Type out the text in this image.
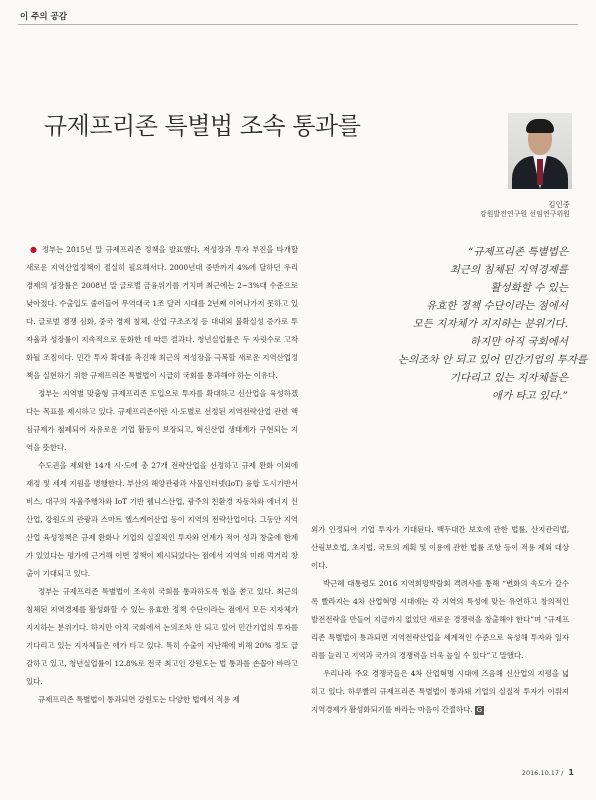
이 주의 공감
규제프리존 특별법 조속 통과를
김인중
강원발전연구원 선임연구위원

● 정부는 2015년 말 규제프리존 정책을 발표했다. 저성장과 투자 부진을 타개할 새로운 지역산업정책이 절실히 필요해서다. 2000년대 중반까지 4%에 달하던 우리 경제의 성장률은 2008년 말 글로벌 금융위기를 거치며 최근에는 2~3%대 수준으로 낮아졌다. 수출입도 줄어들어 무역대국 1조 달러 시대를 2년째 이어나가지 못하고 있다. 글로벌 경쟁 심화, 중국 경제 침체, 산업 구조조정 등 대내외 불확실성 증가로 투자율과 성장률이 지속적으로 둔화한 데 따른 결과다. 청년실업률은 두 자릿수로 고착화될 조짐이다. 민간 투자 확대를 촉진해 최근의 저성장을 극복할 새로운 지역산업정책을 실현하기 위한 규제프리존 특별법이 시급히 국회를 통과해야 하는 이유다.

정부는 지역별 맞춤형 규제프리존 도입으로 투자를 확대하고 신산업을 육성하겠다는 목표를 제시하고 있다. 규제프리존이란 시·도별로 선정된 지역전략산업 관련 핵심규제가 철폐되어 자유로운 기업 활동이 보장되고, 혁신산업 생태계가 구현되는 지역을 뜻한다.

수도권을 제외한 14개 시·도에 총 27개 전략산업을 선정하고 규제 완화 이외에 재정 및 세제 지원을 병행한다. 부산의 해양관광과 사물인터넷(IoT) 융합 도시기반서비스, 대구의 자율주행차와 IoT 기반 웰니스산업, 광주의 친환경 자동차와 에너지 신산업, 강원도의 관광과 스마트 헬스케어산업 등이 지역의 전략산업이다. 그동안 지역산업 육성정책은 규제 완화나 기업의 실질적인 투자와 연계가 적어 성과 창출에 한계가 있었다는 평가에 근거해 이번 정책이 제시되었다는 점에서 지역의 미래 먹거리 창출이 기대되고 있다.

정부는 규제프리존 특별법이 조속히 국회를 통과하도록 힘을 쏟고 있다. 최근의 침체된 지역경제를 활성화할 수 있는 유효한 정책 수단이라는 점에서 모든 지자체가 지지하는 분위기다. 하지만 아직 국회에서 논의조차 안 되고 있어 민간기업의 투자를 기다리고 있는 지자체들은 애가 타고 있다. 특히 수출이 지난해에 비해 20% 정도 급감하고 있고, 청년실업률이 12.8%로 전국 최고인 강원도는 법 통과를 손꼽아 바라고 있다.

규제프리존 특별법이 통과되면 강원도는 다양한 법에서 적용 제

“규제프리존 특별법은
최근의 침체된 지역경제를
활성화할 수 있는
유효한 정책 수단이라는 점에서
모든 지자체가 지지하는 분위기다.
하지만 아직 국회에서
논의조차 안 되고 있어 민간기업의 투자를
기다리고 있는 지자체들은
애가 타고 있다.”

외가 인정되어 기업 투자가 기대된다. 백두대간 보호에 관한 법률, 산지관리법, 산림보호법, 초지법, 국토의 계획 및 이용에 관한 법률 조항 등이 적용 제외 대상이다.

박근혜 대통령도 2016 지역희망박람회 격려사를 통해 “변화의 속도가 갈수록 빨라지는 4차 산업혁명 시대에는 각 지역의 특성에 맞는 유연하고 창의적인 발전전략을 만들어 지금까지 없었던 새로운 경쟁력을 창출해야 한다”며 “규제프리존 특별법이 통과되면 지역전략산업을 세계적인 수준으로 육성해 투자와 일자리를 늘리고 지역과 국가의 경쟁력을 더욱 높일 수 있다”고 말했다.

우리나라 주요 경쟁국들은 4차 산업혁명 시대에 즈음해 신산업의 지평을 넓히고 있다. 하루빨리 규제프리존 특별법이 통과돼 기업의 실질적 투자가 이뤄져 지역경제가 활성화되기를 바라는 마음이 간절하다. G

2016.10.17 / 1
